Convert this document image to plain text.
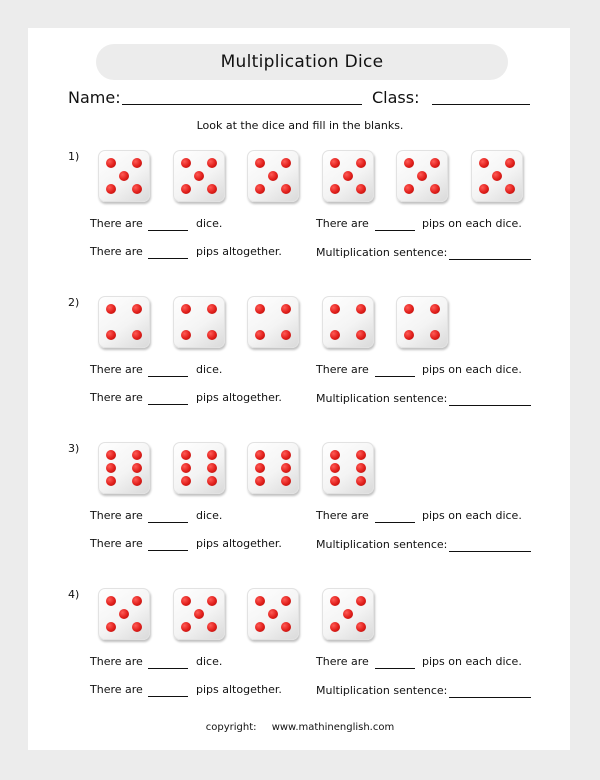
Multiplication Dice
Name:	Class:
Look at the dice and fill in the blanks.
1)
There are	dice.	There are	pips on each dice.
There are	pips altogether.	Multiplication sentence:
2)
There are	dice.	There are	pips on each dice.
There are	pips altogether.	Multiplication sentence:
3)
There are	dice.	There are	pips on each dice.
There are	pips altogether.	Multiplication sentence:
4)
There are	dice.	There are	pips on each dice.
There are	pips altogether.	Multiplication sentence:
copyright: www.mathinenglish.com
